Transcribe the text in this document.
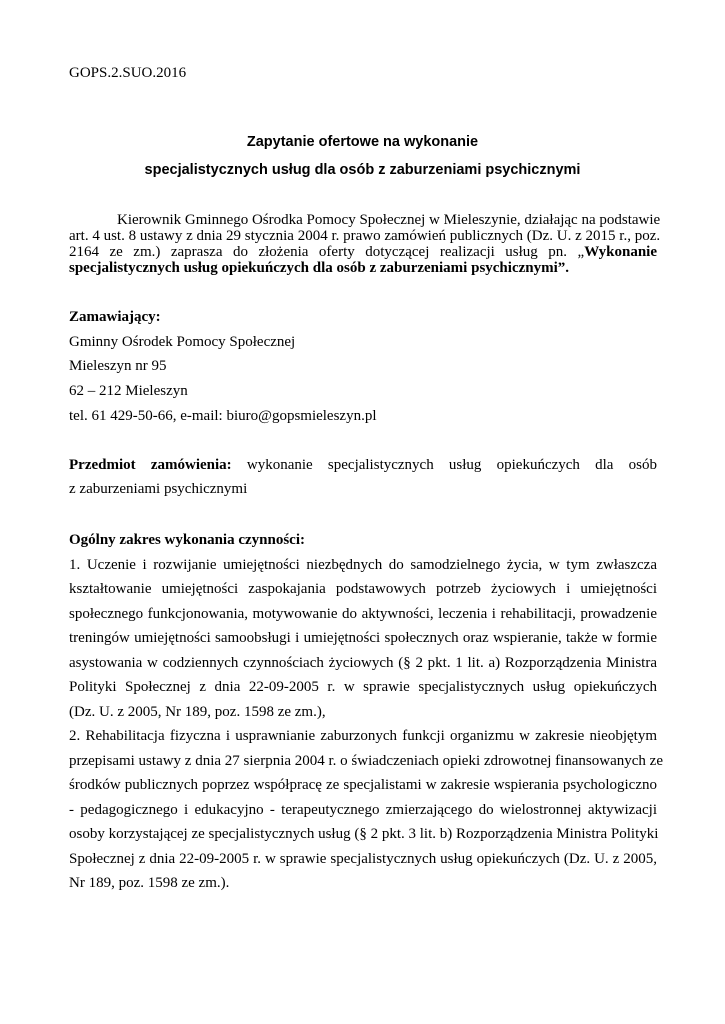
GOPS.2.SUO.2016
Zapytanie ofertowe na wykonanie
specjalistycznych usług dla osób z zaburzeniami psychicznymi
Kierownik Gminnego Ośrodka Pomocy Społecznej w Mieleszynie, działając na podstawie
art. 4 ust. 8 ustawy z dnia 29 stycznia 2004 r. prawo zamówień publicznych (Dz. U. z 2015 r., poz.
2164 ze zm.) zaprasza do złożenia oferty dotyczącej realizacji usług pn. „Wykonanie
specjalistycznych usług opiekuńczych dla osób z zaburzeniami psychicznymi”.
Zamawiający:
Gminny Ośrodek Pomocy Społecznej
Mieleszyn nr 95
62 – 212 Mieleszyn
tel. 61 429-50-66, e-mail: biuro@gopsmieleszyn.pl
Przedmiot zamówienia: wykonanie specjalistycznych usług opiekuńczych dla osób
z zaburzeniami psychicznymi
Ogólny zakres wykonania czynności:
1. Uczenie i rozwijanie umiejętności niezbędnych do samodzielnego życia, w tym zwłaszcza
kształtowanie umiejętności zaspokajania podstawowych potrzeb życiowych i umiejętności
społecznego funkcjonowania, motywowanie do aktywności, leczenia i rehabilitacji, prowadzenie
treningów umiejętności samoobsługi i umiejętności społecznych oraz wspieranie, także w formie
asystowania w codziennych czynnościach życiowych (§ 2 pkt. 1 lit. a) Rozporządzenia Ministra
Polityki Społecznej z dnia 22-09-2005 r. w sprawie specjalistycznych usług opiekuńczych
(Dz. U. z 2005, Nr 189, poz. 1598 ze zm.),
2. Rehabilitacja fizyczna i usprawnianie zaburzonych funkcji organizmu w zakresie nieobjętym
przepisami ustawy z dnia 27 sierpnia 2004 r. o świadczeniach opieki zdrowotnej finansowanych ze
środków publicznych poprzez współpracę ze specjalistami w zakresie wspierania psychologiczno
- pedagogicznego i edukacyjno - terapeutycznego zmierzającego do wielostronnej aktywizacji
osoby korzystającej ze specjalistycznych usług (§ 2 pkt. 3 lit. b) Rozporządzenia Ministra Polityki
Społecznej z dnia 22-09-2005 r. w sprawie specjalistycznych usług opiekuńczych (Dz. U. z 2005,
Nr 189, poz. 1598 ze zm.).
